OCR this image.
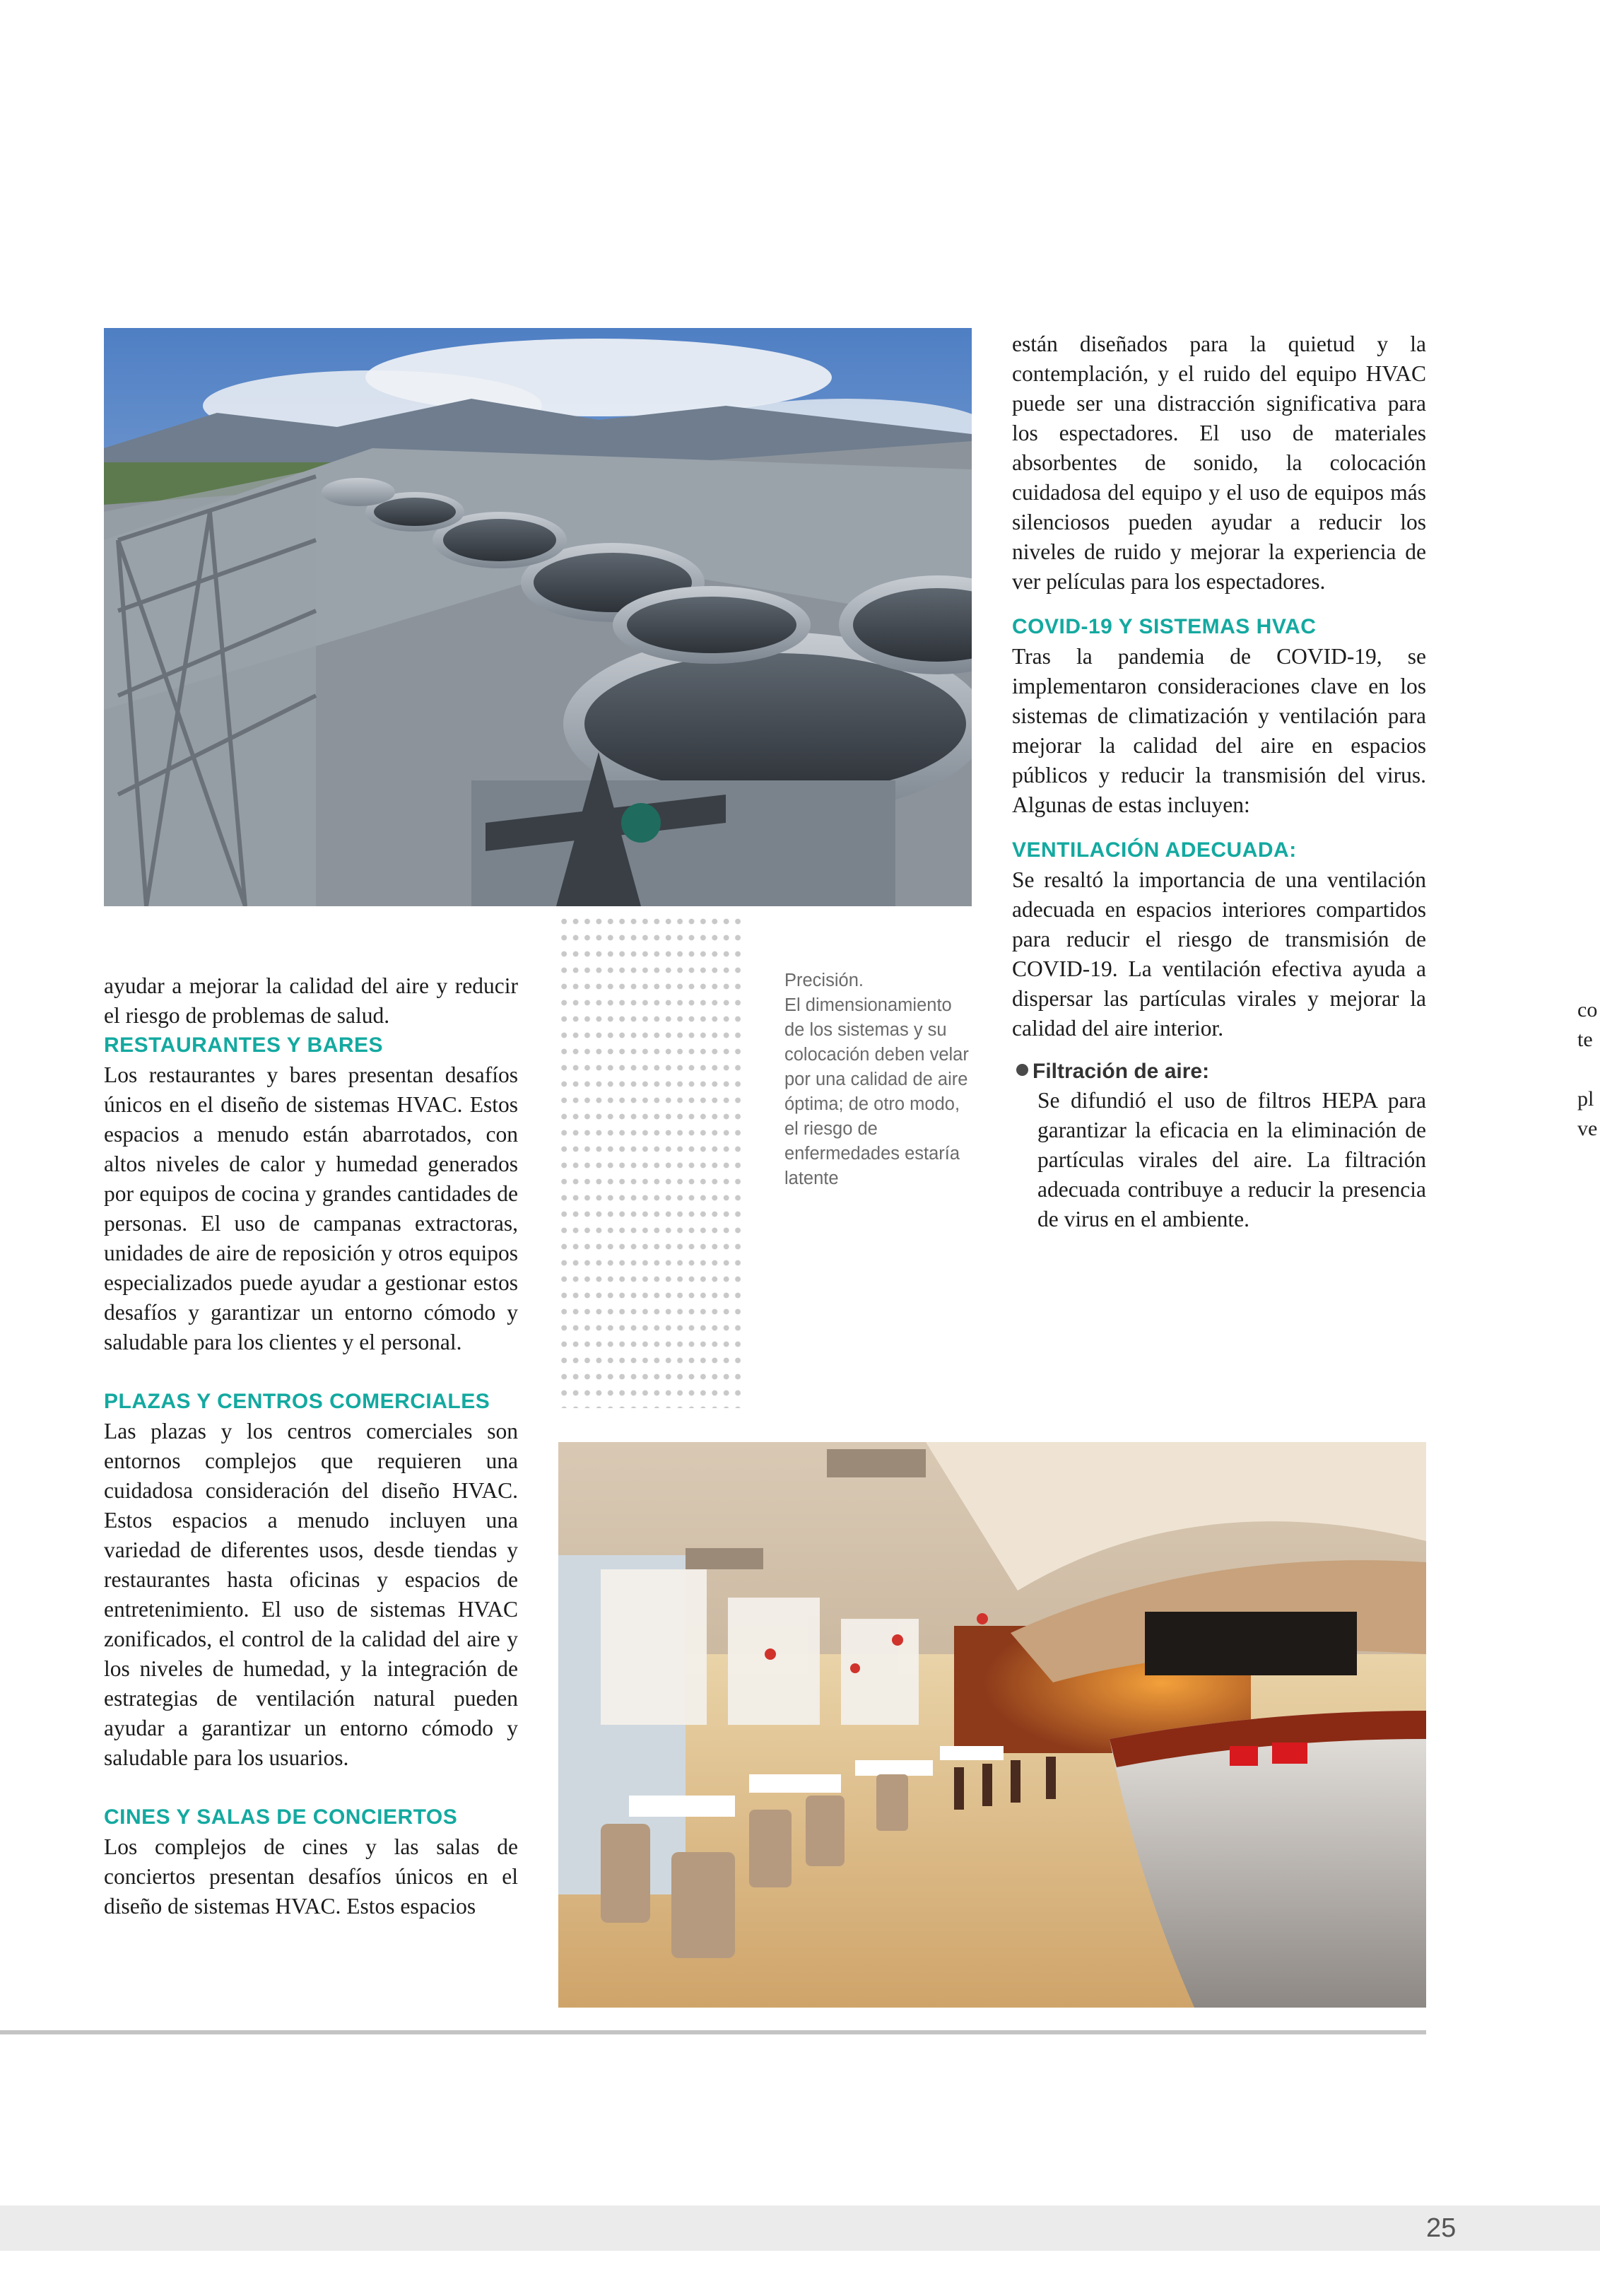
están diseñados para la quietud y la contemplación, y el ruido del equipo HVAC puede ser una distracción significativa para los espectadores. El uso de materiales absorbentes de sonido, la colocación cuidadosa del equipo y el uso de equipos más silenciosos pueden ayudar a reducir los niveles de ruido y mejorar la experiencia de ver películas para los espectadores.

COVID-19 Y SISTEMAS HVAC

Tras la pandemia de COVID-19, se implementaron consideraciones clave en los sistemas de climatización y ventilación para mejorar la calidad del aire en espacios públicos y reducir la transmisión del virus. Algunas de estas incluyen:

VENTILACIÓN ADECUADA:

Se resaltó la importancia de una ventilación adecuada en espacios interiores compartidos para reducir el riesgo de transmisión de COVID-19. La ventilación efectiva ayuda a dispersar las partículas virales y mejorar la calidad del aire interior.

Filtración de aire:

Se difundió el uso de filtros HEPA para garantizar la eficacia en la eliminación de partículas virales del aire. La filtración adecuada contribuye a reducir la presencia de virus en el ambiente.

Precisión.
El dimensionamiento de los sistemas y su colocación deben velar por una calidad de aire óptima; de otro modo, el riesgo de enfermedades estaría latente

ayudar a mejorar la calidad del aire y reducir el riesgo de problemas de salud.

RESTAURANTES Y BARES

Los restaurantes y bares presentan desafíos únicos en el diseño de sistemas HVAC. Estos espacios a menudo están abarrotados, con altos niveles de calor y humedad generados por equipos de cocina y grandes cantidades de personas. El uso de campanas extractoras, unidades de aire de reposición y otros equipos especializados puede ayudar a gestionar estos desafíos y garantizar un entorno cómodo y saludable para los clientes y el personal.

PLAZAS Y CENTROS COMERCIALES

Las plazas y los centros comerciales son entornos complejos que requieren una cuidadosa consideración del diseño HVAC. Estos espacios a menudo incluyen una variedad de diferentes usos, desde tiendas y restaurantes hasta oficinas y espacios de entretenimiento. El uso de sistemas HVAC zonificados, el control de la calidad del aire y los niveles de humedad, y la integración de estrategias de ventilación natural pueden ayudar a garantizar un entorno cómodo y saludable para los usuarios.

CINES Y SALAS DE CONCIERTOS

Los complejos de cines y las salas de conciertos presentan desafíos únicos en el diseño de sistemas HVAC. Estos espacios

25
co
te
pl
ve
